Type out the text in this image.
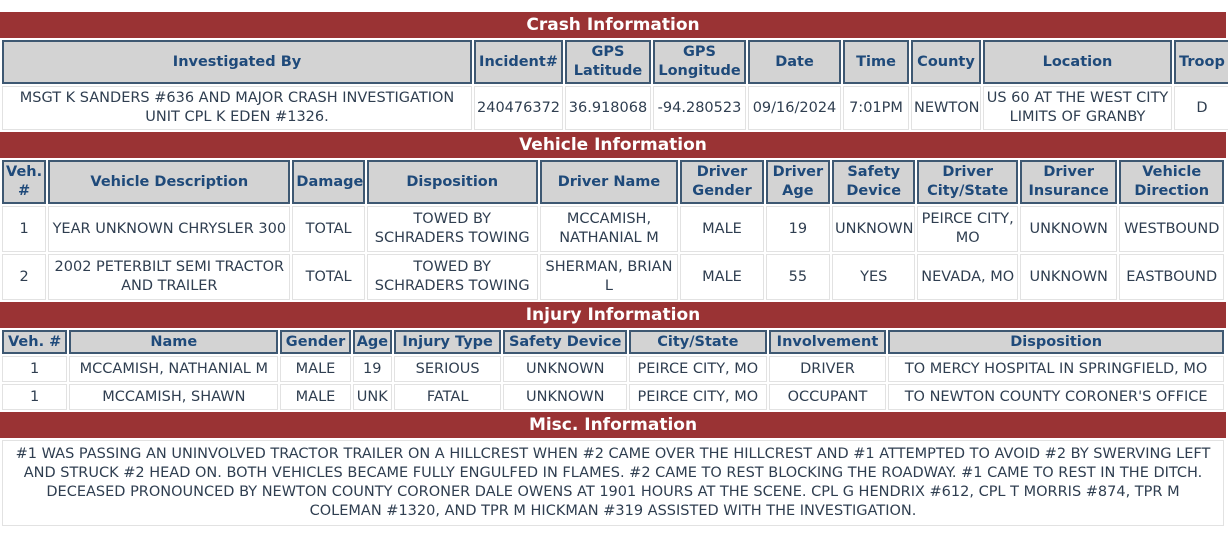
Crash Information
Investigated By	Incident#	GPS Latitude	GPS Longitude	Date	Time	County	Location	Troop
MSGT K SANDERS #636 AND MAJOR CRASH INVESTIGATION UNIT CPL K EDEN #1326.	240476372	36.918068	-94.280523	09/16/2024	7:01PM	NEWTON	US 60 AT THE WEST CITY LIMITS OF GRANBY	D
Vehicle Information
Veh. #	Vehicle Description	Damage	Disposition	Driver Name	Driver Gender	Driver Age	Safety Device	Driver City/State	Driver Insurance	Vehicle Direction
1	YEAR UNKNOWN CHRYSLER 300	TOTAL	TOWED BY SCHRADERS TOWING	MCCAMISH, NATHANIAL M	MALE	19	UNKNOWN	PEIRCE CITY, MO	UNKNOWN	WESTBOUND
2	2002 PETERBILT SEMI TRACTOR AND TRAILER	TOTAL	TOWED BY SCHRADERS TOWING	SHERMAN, BRIAN L	MALE	55	YES	NEVADA, MO	UNKNOWN	EASTBOUND
Injury Information
Veh. #	Name	Gender	Age	Injury Type	Safety Device	City/State	Involvement	Disposition
1	MCCAMISH, NATHANIAL M	MALE	19	SERIOUS	UNKNOWN	PEIRCE CITY, MO	DRIVER	TO MERCY HOSPITAL IN SPRINGFIELD, MO
1	MCCAMISH, SHAWN	MALE	UNK	FATAL	UNKNOWN	PEIRCE CITY, MO	OCCUPANT	TO NEWTON COUNTY CORONER'S OFFICE
Misc. Information
#1 WAS PASSING AN UNINVOLVED TRACTOR TRAILER ON A HILLCREST WHEN #2 CAME OVER THE HILLCREST AND #1 ATTEMPTED TO AVOID #2 BY SWERVING LEFT AND STRUCK #2 HEAD ON. BOTH VEHICLES BECAME FULLY ENGULFED IN FLAMES. #2 CAME TO REST BLOCKING THE ROADWAY. #1 CAME TO REST IN THE DITCH. DECEASED PRONOUNCED BY NEWTON COUNTY CORONER DALE OWENS AT 1901 HOURS AT THE SCENE. CPL G HENDRIX #612, CPL T MORRIS #874, TPR M COLEMAN #1320, AND TPR M HICKMAN #319 ASSISTED WITH THE INVESTIGATION.
